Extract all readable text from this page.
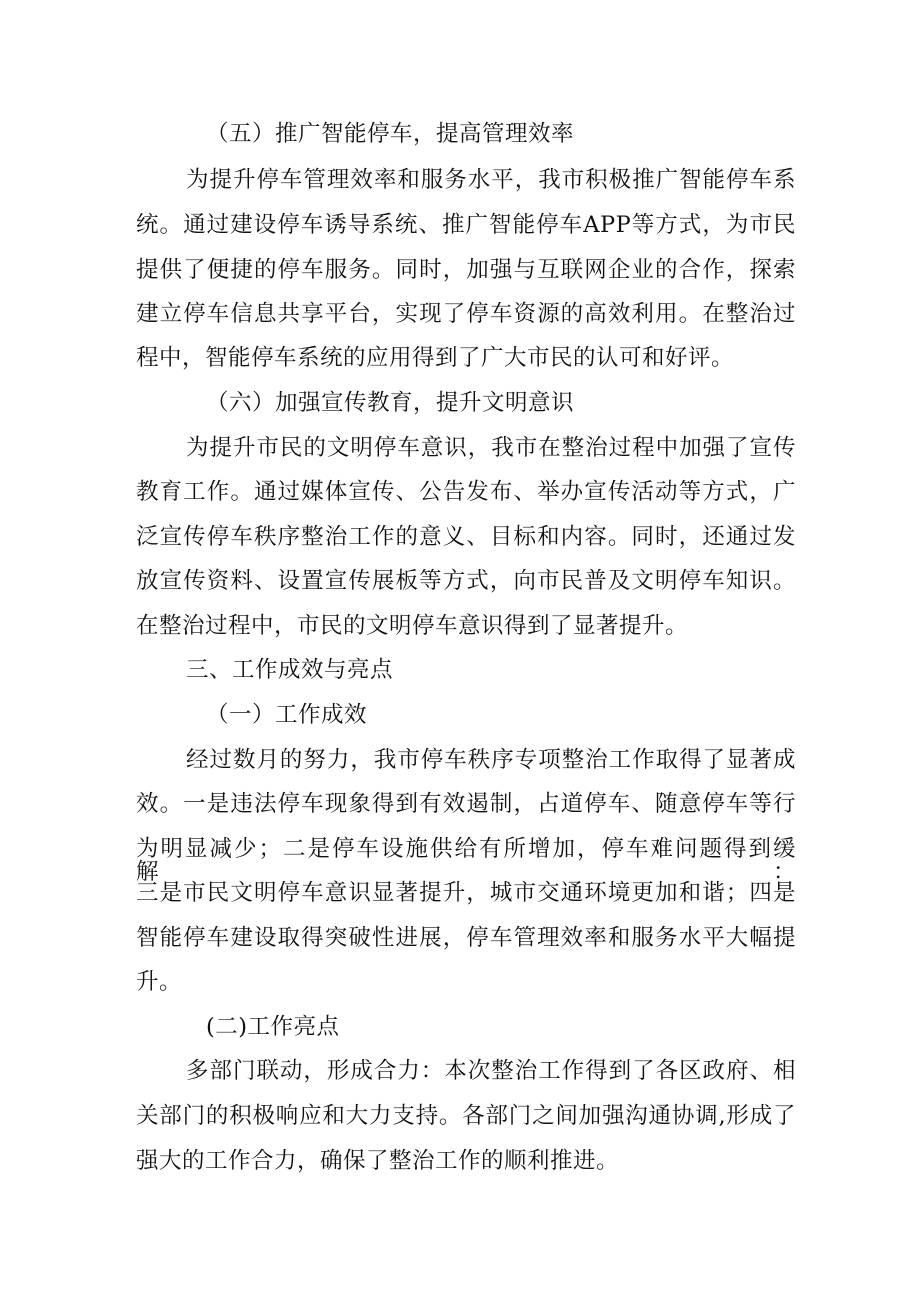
（五）推广智能停车，提高管理效率

为提升停车管理效率和服务水平，我市积极推广智能停车系

统。通过建设停车诱导系统、推广智能停车APP等方式，为市民

提供了便捷的停车服务。同时，加强与互联网企业的合作，探索

建立停车信息共享平台，实现了停车资源的高效利用。在整治过

程中，智能停车系统的应用得到了广大市民的认可和好评。

（六）加强宣传教育，提升文明意识

为提升市民的文明停车意识，我市在整治过程中加强了宣传

教育工作。通过媒体宣传、公告发布、举办宣传活动等方式，广

泛宣传停车秩序整治工作的意义、目标和内容。同时，还通过发

放宣传资料、设置宣传展板等方式，向市民普及文明停车知识。

在整治过程中，市民的文明停车意识得到了显著提升。

三、工作成效与亮点

（一）工作成效

经过数月的努力，我市停车秩序专项整治工作取得了显著成

效。一是违法停车现象得到有效遏制，占道停车、随意停车等行

为明显减少；二是停车设施供给有所增加，停车难问题得到缓解：

三是市民文明停车意识显著提升，城市交通环境更加和谐；四是

智能停车建设取得突破性进展，停车管理效率和服务水平大幅提

升。

(二)工作亮点

多部门联动，形成合力：本次整治工作得到了各区政府、相

关部门的积极响应和大力支持。各部门之间加强沟通协调,形成了

强大的工作合力，确保了整治工作的顺利推进。
